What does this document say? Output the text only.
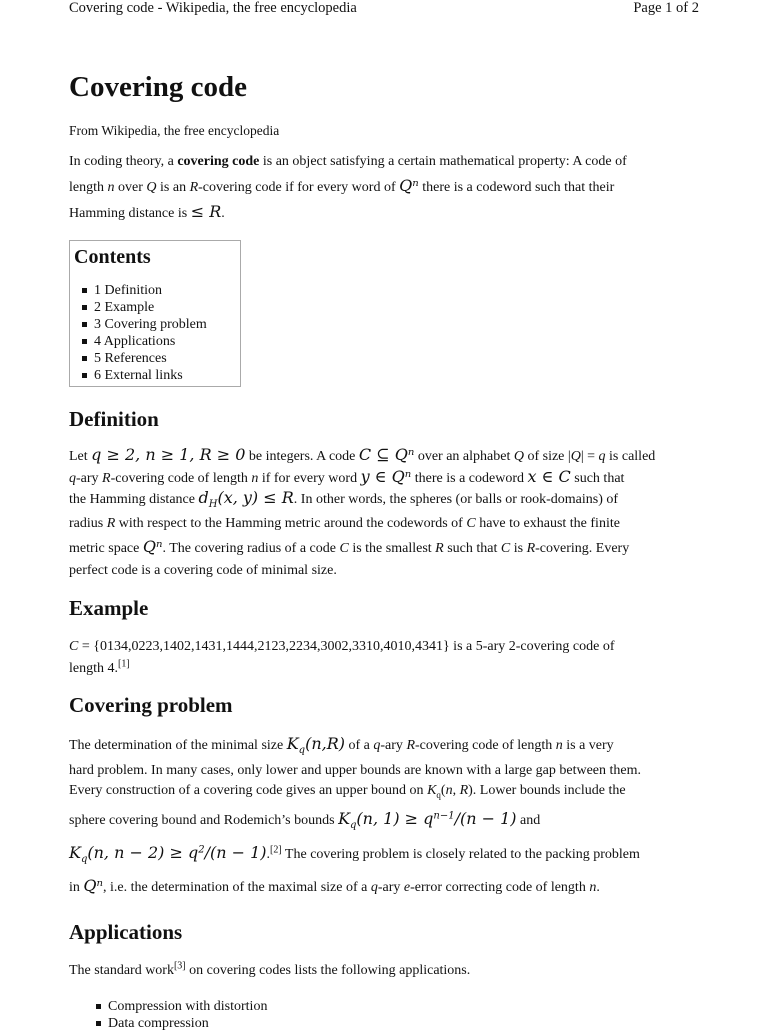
Covering code - Wikipedia, the free encyclopedia	Page 1 of 2
Covering code
From Wikipedia, the free encyclopedia

In coding theory, a covering code is an object satisfying a certain mathematical property: A code of
length n over Q is an R-covering code if for every word of Qⁿ there is a codeword such that their
Hamming distance is ≤ R.

Contents
1 Definition
2 Example
3 Covering problem
4 Applications
5 References
6 External links
Definition

Let q ≥ 2, n ≥ 1, R ≥ 0 be integers. A code C ⊆ Qⁿ over an alphabet Q of size |Q| = q is called
q-ary R-covering code of length n if for every word y ∈ Qⁿ there is a codeword x ∈ C such that
the Hamming distance $d_H(x$, y) ≤ R. In other words, the spheres (or balls or rook-domains) of
radius R with respect to the Hamming metric around the codewords of C have to exhaust the finite
metric space Qⁿ. The covering radius of a code C is the smallest R such that C is R-covering. Every
perfect code is a covering code of minimal size.

Example

C = {0134,0223,1402,1431,1444,2123,2234,3002,3310,4010,4341} is a 5-ary 2-covering code of
length 4.[1]

Covering problem

The determination of the minimal size $K_q(n,R)$ of a q-ary R-covering code of length n is a very
hard problem. In many cases, only lower and upper bounds are known with a large gap between them.
Every construction of a covering code gives an upper bound on $K_q(n$, R). Lower bounds include the
sphere covering bound and Rodemich’s bounds $K_q(n$, $1) \ge q^{n-1}/(n - 1)$ and
$K_q(n$, $n - 2) \ge q^2/(n - 1).[2]$ The covering problem is closely related to the packing problem
in Qⁿ, i.e. the determination of the maximal size of a q-ary e-error correcting code of length n.

Applications

The standard work[3] on covering codes lists the following applications.

Compression with distortion
Data compression
